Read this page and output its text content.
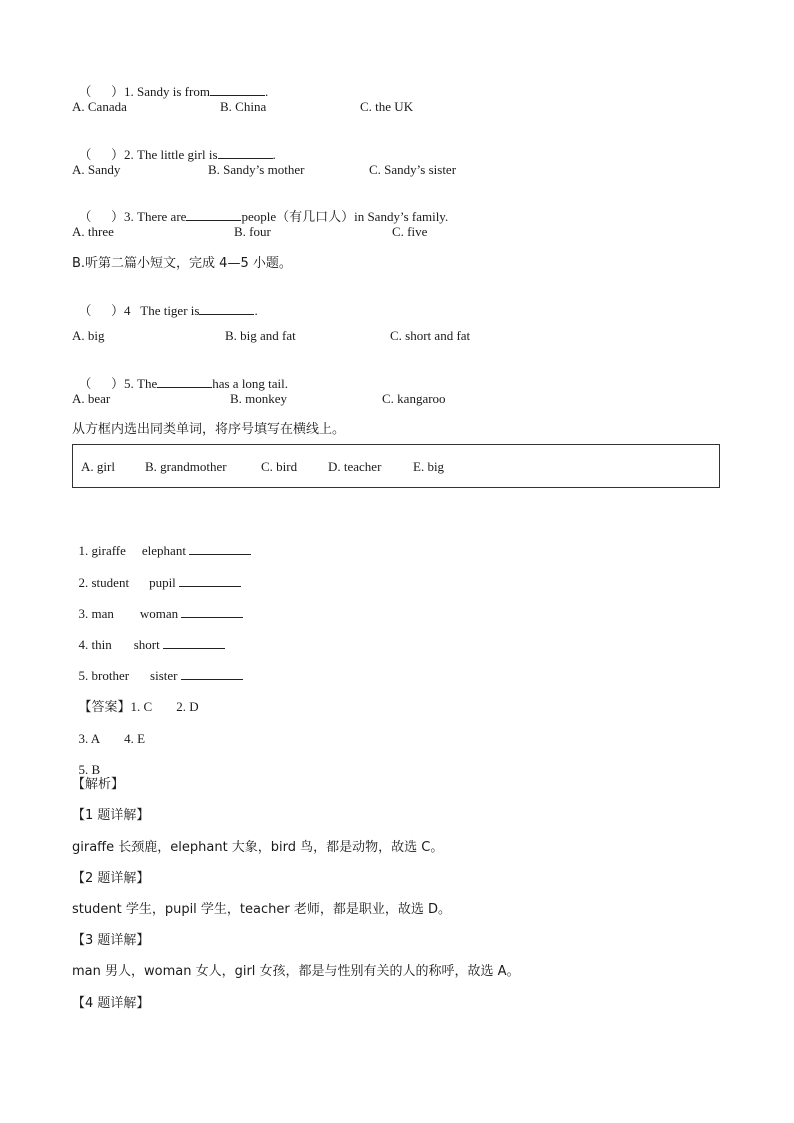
（      ）1. Sandy is from	.

A. Canada	B. China	C. the UK

（      ）2. The little girl is	.

A. Sandy	B. Sandy’s mother	C. Sandy’s sister

（      ）3. There are	people（有几口人）in Sandy’s family.

A. three	B. four	C. five
B.听第二篇小短文，完成 4—5 小题。

（      ）4   The tiger is	.

A. big	B. big and fat	C. short and fat

（      ）5. The	has a long tail.

A. bear	B. monkey	C. kangaroo
从方框内选出同类单词，将序号填写在横线上。
A. girl B. grandmother	C. bird D. teacher E. big

1. giraffe elephant

2. student pupil

3. man woman

4. thin short

5. brother sister

【答案】1. C 2. D

3. A 4. E

5. B

【解析】
【1 题详解】
giraffe 长颈鹿，elephant 大象，bird 鸟，都是动物，故选 C。
【2 题详解】
student 学生，pupil 学生，teacher 老师，都是职业，故选 D。
【3 题详解】
man 男人，woman 女人，girl 女孩，都是与性别有关的人的称呼，故选 A。
【4 题详解】
